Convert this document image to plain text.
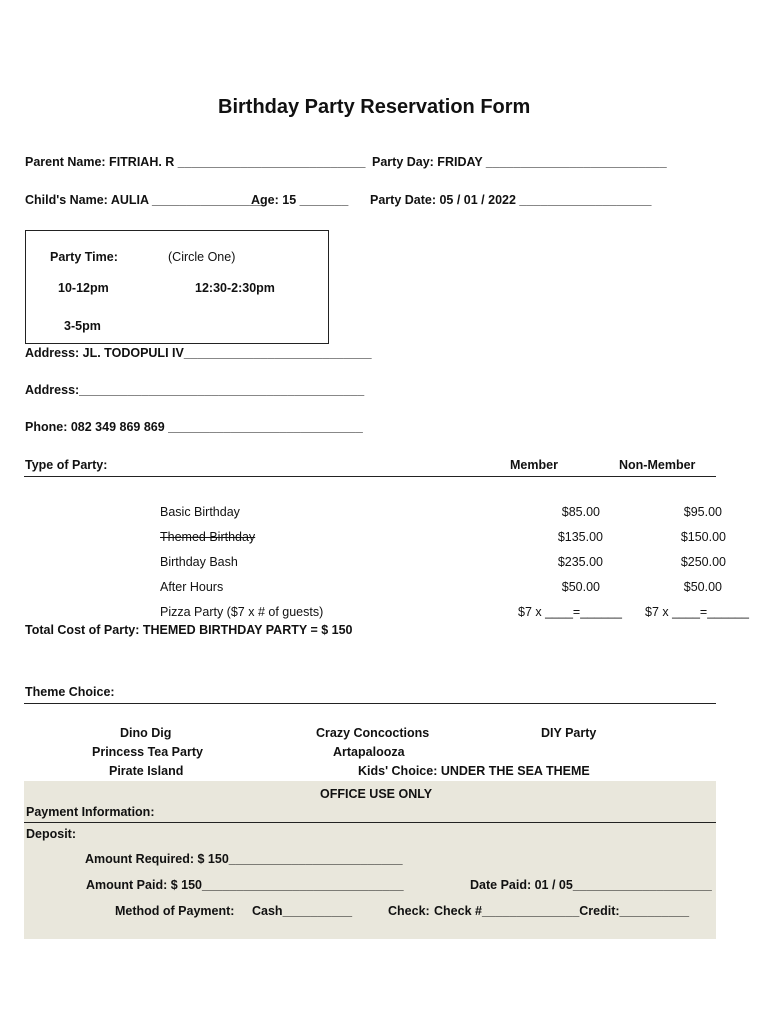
Birthday Party Reservation Form
Parent Name: FITRIAH. R ___________________________ Party Day: FRIDAY __________________________
Child's Name: AULIA ________________
Age: 15 _______ Party Date: 05 / 01 / 2022 ___________________
Party Time:	(Circle One)
10-12pm	12:30-2:30pm
3-5pm
Address: JL. TODOPULI IV___________________________
Address:_________________________________________
Phone: 082 349 869 869 ____________________________
Type of Party:	Member	Non-Member
Basic Birthday	$85.00	$95.00
Themed Birthday	$135.00	$150.00
Birthday Bash	$235.00	$250.00
After Hours	$50.00	$50.00
Pizza Party ($7 x # of guests)	$7 x ____=______ $7 x ____=______
Total Cost of Party: THEMED BIRTHDAY PARTY = $ 150
Theme Choice:
Dino Dig	Crazy Concoctions	DIY Party
Princess Tea Party	Artapalooza
Pirate Island	Kids' Choice: UNDER THE SEA THEME
OFFICE USE ONLY
Payment Information:
Deposit:
Amount Required: $ 150_________________________
Amount Paid: $ 150_____________________________	Date Paid: 01 / 05____________________
Method of Payment: Cash__________	Check: Check #______________Credit:__________
